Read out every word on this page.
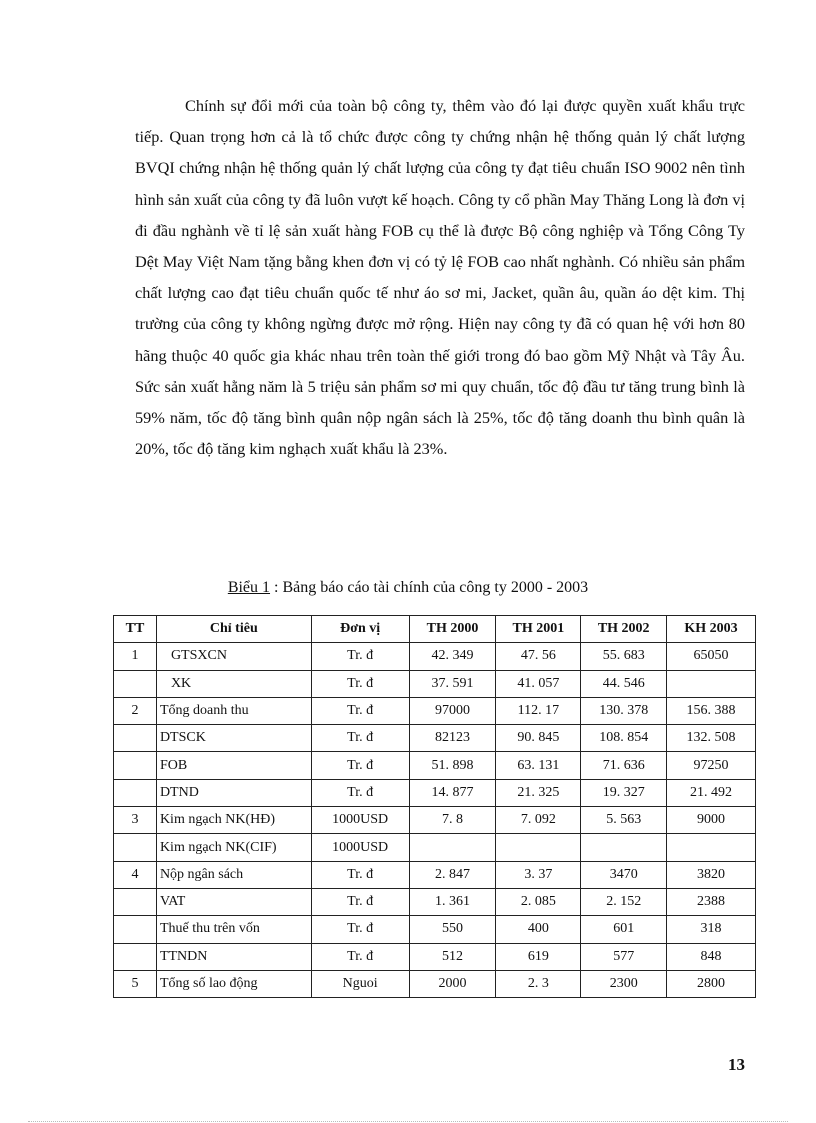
Chính sự đổi mới của toàn bộ công ty, thêm vào đó lại được quyền xuất khẩu trực tiếp. Quan trọng hơn cả là tổ chức được công ty chứng nhận hệ thống quản lý chất lượng BVQI chứng nhận hệ thống quản lý chất lượng của công ty đạt tiêu chuẩn ISO 9002 nên tình hình sản xuất của công ty đã luôn vượt kế hoạch. Công ty cổ phần May Thăng Long là đơn vị đi đầu nghành về tỉ lệ sản xuất hàng FOB cụ thể là được Bộ công nghiệp và Tổng Công Ty Dệt May Việt Nam tặng bằng khen đơn vị có tỷ lệ FOB cao nhất nghành. Có nhiều sản phẩm chất lượng cao đạt tiêu chuẩn quốc tế như áo sơ mi, Jacket, quần âu, quần áo dệt kim. Thị trường của công ty không ngừng được mở rộng. Hiện nay công ty đã có quan hệ với hơn 80 hãng thuộc 40 quốc gia khác nhau trên toàn thế giới trong đó bao gồm Mỹ Nhật và Tây Âu. Sức sản xuất hằng năm là 5 triệu sản phẩm sơ mi quy chuẩn, tốc độ đầu tư tăng trung bình là 59% năm, tốc độ tăng bình quân nộp ngân sách là 25%, tốc độ tăng doanh thu bình quân là 20%, tốc độ tăng kim nghạch xuất khẩu là 23%.

Biểu 1 : Bảng báo cáo tài chính của công ty 2000 - 2003
TT	Chỉ tiêu	Đơn vị	TH 2000	TH 2001	TH 2002	KH 2003
1	GTSXCN	Tr. đ	42. 349	47. 56	55. 683	65050
	XK	Tr. đ	37. 591	41. 057	44. 546	
2	Tổng doanh thu	Tr. đ	97000	112. 17	130. 378	156. 388
	DTSCK	Tr. đ	82123	90. 845	108. 854	132. 508
	FOB	Tr. đ	51. 898	63. 131	71. 636	97250
	DTND	Tr. đ	14. 877	21. 325	19. 327	21. 492
3	Kim ngạch NK(HĐ)	1000USD	7. 8	7. 092	5. 563	9000
	Kim ngạch NK(CIF)	1000USD				
4	Nộp ngân sách	Tr. đ	2. 847	3. 37	3470	3820
	VAT	Tr. đ	1. 361	2. 085	2. 152	2388
	Thuế thu trên vốn	Tr. đ	550	400	601	318
	TTNDN	Tr. đ	512	619	577	848
5	Tổng số lao động	Nguoi	2000	2. 3	2300	2800
13
